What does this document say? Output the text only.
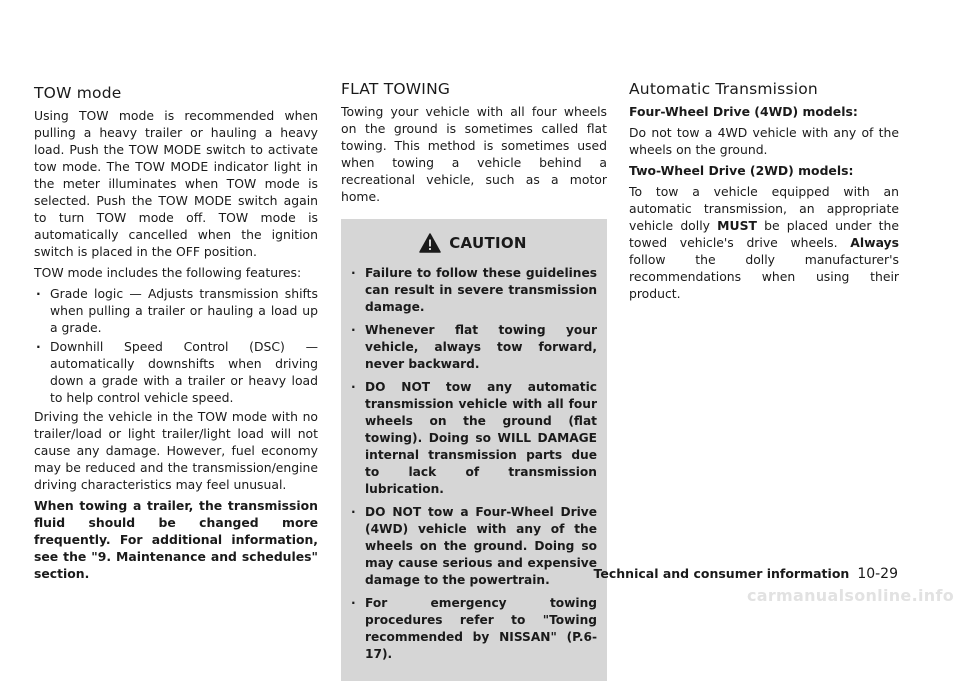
TOW mode

Using TOW mode is recommended when pulling a heavy trailer or hauling a heavy load. Push the TOW MODE switch to activate tow mode. The TOW MODE indicator light in the meter illuminates when TOW mode is selected. Push the TOW MODE switch again to turn TOW mode off. TOW mode is automatically cancelled when the ignition switch is placed in the OFF position.

TOW mode includes the following features:

. Grade logic — Adjusts transmission shifts when pulling a trailer or hauling a load up a grade.
. Downhill Speed Control (DSC) — automatically downshifts when driving down a grade with a trailer or heavy load to help control vehicle speed.

Driving the vehicle in the TOW mode with no trailer/load or light trailer/light load will not cause any damage. However, fuel economy may be reduced and the transmission/engine driving characteristics may feel unusual.

When towing a trailer, the transmission fluid should be changed more frequently. For additional information, see the "9. Maintenance and schedules" section.

FLAT TOWING

Towing your vehicle with all four wheels on the ground is sometimes called flat towing. This method is sometimes used when towing a vehicle behind a recreational vehicle, such as a motor home.

CAUTION
. Failure to follow these guidelines can result in severe transmission damage.
. Whenever flat towing your vehicle, always tow forward, never backward.
. DO NOT tow any automatic transmission vehicle with all four wheels on the ground (flat towing). Doing so WILL DAMAGE internal transmission parts due to lack of transmission lubrication.
. DO NOT tow a Four-Wheel Drive (4WD) vehicle with any of the wheels on the ground. Doing so may cause serious and expensive damage to the powertrain.
. For emergency towing procedures refer to "Towing recommended by NISSAN" (P.6-17).
Automatic Transmission

Four-Wheel Drive (4WD) models:

Do not tow a 4WD vehicle with any of the wheels on the ground.

Two-Wheel Drive (2WD) models:

To tow a vehicle equipped with an automatic transmission, an appropriate vehicle dolly MUST be placed under the towed vehicle's drive wheels. Always follow the dolly manufacturer's recommendations when using their product.

Technical and consumer information 10-29
carmanualsonline.info
